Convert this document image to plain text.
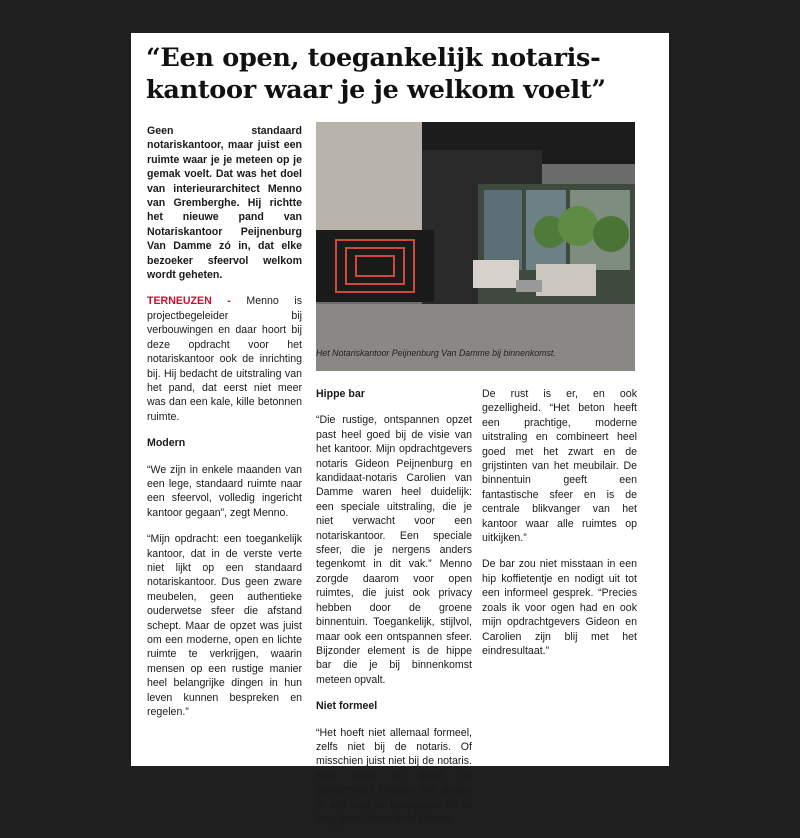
“Een open, toegankelijk notaris-kantoor waar je je welkom voelt”

Geen standaard notariskantoor, maar juist een ruimte waar je je meteen op je gemak voelt. Dat was het doel van interieurarchitect Menno van Gremberghe. Hij richtte het nieuwe pand van Notariskantoor Peijnenburg Van Damme zó in, dat elke bezoeker sfeervol welkom wordt geheten.

TERNEUZEN - Menno is projectbegeleider bij verbouwingen en daar hoort bij deze opdracht voor het notariskantoor ook de inrichting bij. Hij bedacht de uitstraling van het pand, dat eerst niet meer was dan een kale, kille betonnen ruimte.

Modern

“We zijn in enkele maanden van een lege, standaard ruimte naar een sfeervol, volledig ingericht kantoor gegaan”, zegt Menno.

“Mijn opdracht: een toegankelijk kantoor, dat in de verste verte niet lijkt op een standaard notariskantoor. Dus geen zware meubelen, geen authentieke ouderwetse sfeer die afstand schept. Maar de opzet was juist om een moderne, open en lichte ruimte te verkrijgen, waarin mensen op een rustige manier heel belangrijke dingen in hun leven kunnen bespreken en regelen.”

Het Notariskantoor Peijnenburg Van Damme bij binnenkomst.

Hippe bar

“Die rustige, ontspannen opzet past heel goed bij de visie van het kantoor. Mijn opdrachtgevers notaris Gideon Peijnenburg en kandidaat-notaris Carolien van Damme waren heel duidelijk: een speciale uitstraling, die je niet verwacht voor een notariskantoor. Een speciale sfeer, die je nergens anders tegenkomt in dit vak.” Menno zorgde daarom voor open ruimtes, die juist ook privacy hebben door de groene binnentuin. Toegankelijk, stijlvol, maar ook een ontspannen sfeer. Bijzonder element is de hippe bar die je bij binnenkomst meteen opvalt.

Niet formeel

“Het hoeft niet allemaal formeel, zelfs niet bij de notaris. Of misschien juist niet bij de notaris. Hier moet je goed de gelegenheid hebben om dingen in alle rust te bespreken en te begrijpen”, benadrukt Menno.

De rust is er, en ook gezelligheid. “Het beton heeft een prachtige, moderne uitstraling en combineert heel goed met het zwart en de grijstinten van het meubilair. De binnentuin geeft een fantastische sfeer en is de centrale blikvanger van het kantoor waar alle ruimtes op uitkijken.”

De bar zou niet misstaan in een hip koffietentje en nodigt uit tot een informeel gesprek. “Precies zoals ik voor ogen had en ook mijn opdrachtgevers Gideon en Carolien zijn blij met het eindresultaat.”
